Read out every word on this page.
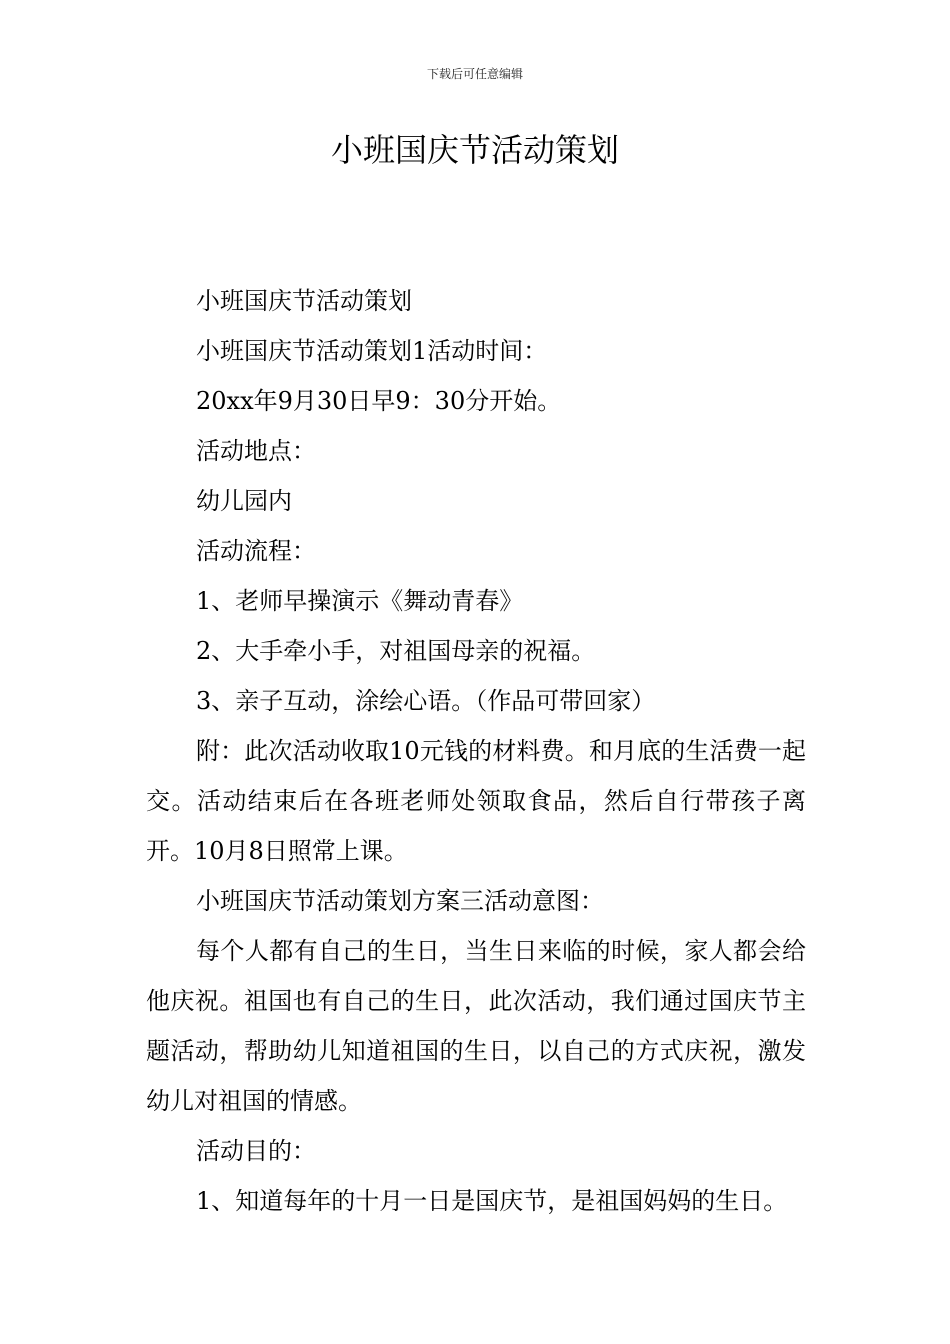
下载后可任意编辑
小班国庆节活动策划

小班国庆节活动策划

小班国庆节活动策划1活动时间：

20xx年9月30日早9：30分开始。

活动地点：

幼儿园内

活动流程：

1、老师早操演示《舞动青春》

2、大手牵小手，对祖国母亲的祝福。

3、亲子互动，涂绘心语。（作品可带回家）

附：此次活动收取10元钱的材料费。和月底的生活费一起交。活动结束后在各班老师处领取食品，然后自行带孩子离开。10月8日照常上课。

小班国庆节活动策划方案三活动意图：

每个人都有自己的生日，当生日来临的时候，家人都会给他庆祝。祖国也有自己的生日，此次活动，我们通过国庆节主题活动，帮助幼儿知道祖国的生日，以自己的方式庆祝，激发幼儿对祖国的情感。

活动目的：

1、知道每年的十月一日是国庆节，是祖国妈妈的生日。
